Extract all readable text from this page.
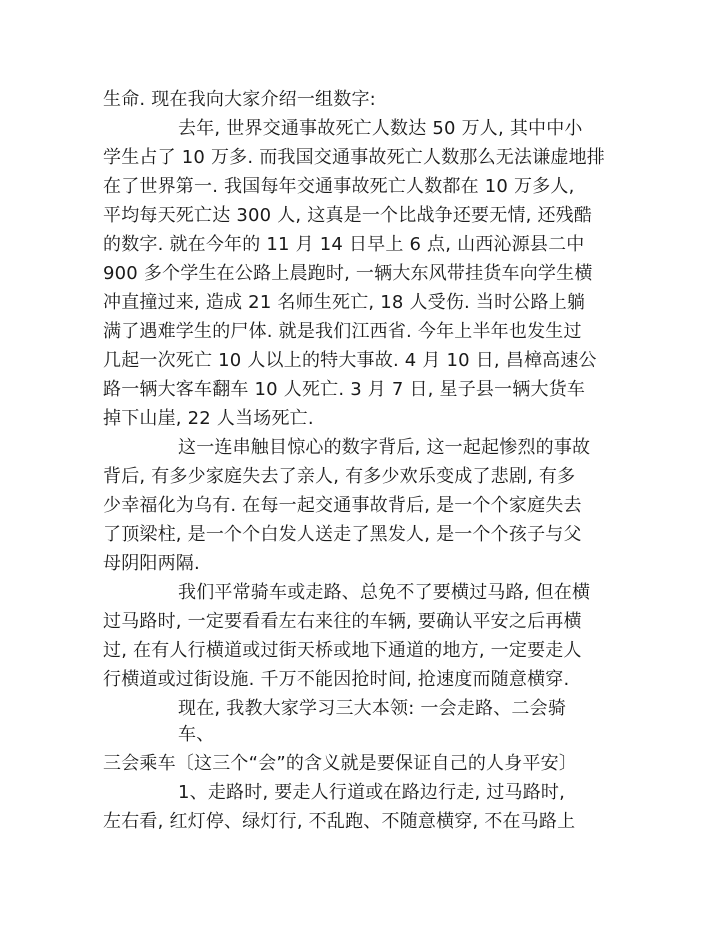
生命. 现在我向大家介绍一组数字:
去年, 世界交通事故死亡人数达 50 万人, 其中中小
学生占了 10 万多. 而我国交通事故死亡人数那么无法谦虚地排
在了世界第一. 我国每年交通事故死亡人数都在 10 万多人,
平均每天死亡达 300 人, 这真是一个比战争还要无情, 还残酷
的数字. 就在今年的 11 月 14 日早上 6 点, 山西沁源县二中
900 多个学生在公路上晨跑时, 一辆大东风带挂货车向学生横
冲直撞过来, 造成 21 名师生死亡, 18 人受伤. 当时公路上躺
满了遇难学生的尸体. 就是我们江西省. 今年上半年也发生过
几起一次死亡 10 人以上的特大事故. 4 月 10 日, 昌樟高速公
路一辆大客车翻车 10 人死亡. 3 月 7 日, 星子县一辆大货车
掉下山崖, 22 人当场死亡.
这一连串触目惊心的数字背后, 这一起起惨烈的事故
背后, 有多少家庭失去了亲人, 有多少欢乐变成了悲剧, 有多
少幸福化为乌有. 在每一起交通事故背后, 是一个个家庭失去
了顶梁柱, 是一个个白发人送走了黑发人, 是一个个孩子与父
母阴阳两隔.
我们平常骑车或走路、总免不了要横过马路, 但在横
过马路时, 一定要看看左右来往的车辆, 要确认平安之后再横
过, 在有人行横道或过街天桥或地下通道的地方, 一定要走人
行横道或过街设施. 千万不能因抢时间, 抢速度而随意横穿.
现在, 我教大家学习三大本领: 一会走路、二会骑
车、
三会乘车〔这三个“会”的含义就是要保证自己的人身平安〕
1、走路时, 要走人行道或在路边行走, 过马路时,
左右看, 红灯停、绿灯行, 不乱跑、不随意横穿, 不在马路上
